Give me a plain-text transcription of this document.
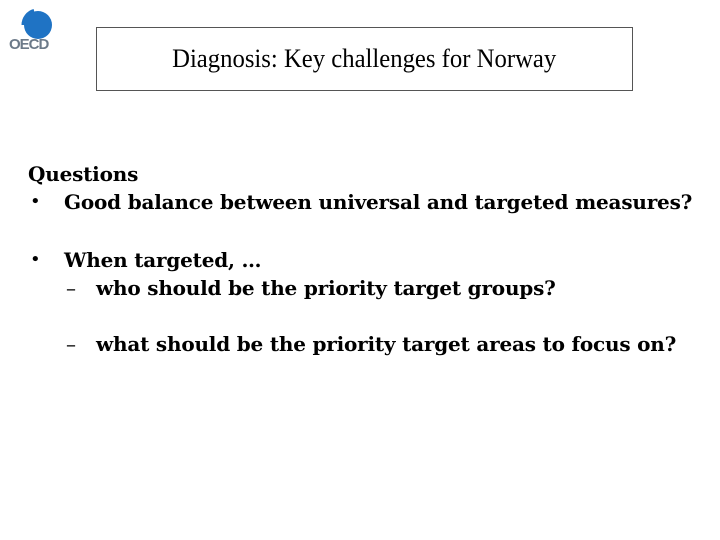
OECD	Diagnosis: Key challenges for Norway
Questions
• Good balance between universal and targeted measures?
• When targeted, …
– who should be the priority target groups?
– what should be the priority target areas to focus on?
